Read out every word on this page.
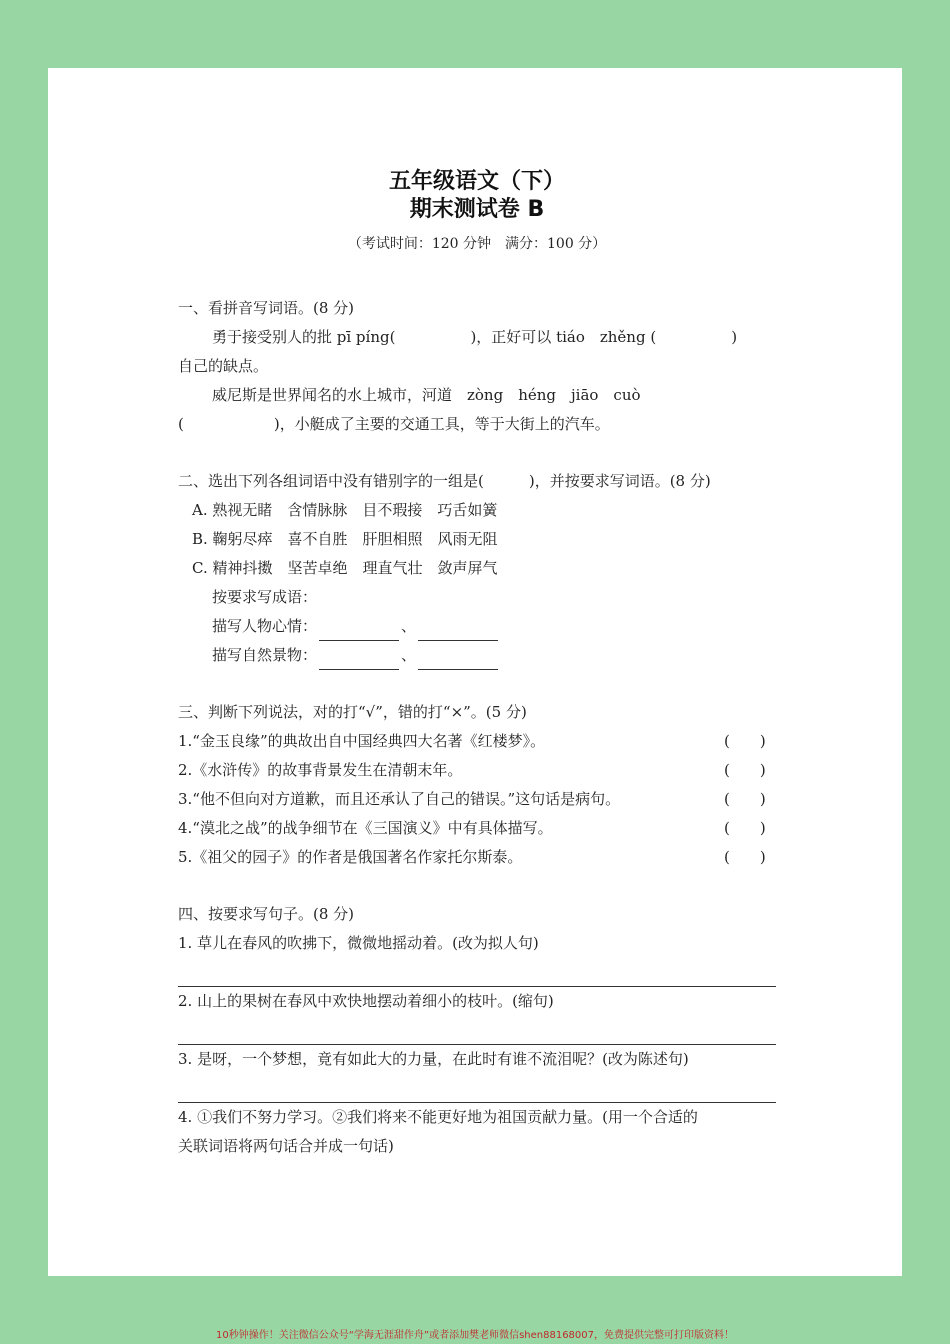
五年级语文（下）
期末测试卷 B
（考试时间：120 分钟　满分：100 分）
一、看拼音写词语。(8 分)
勇于接受别人的批 pī píng(　　　　　)，正好可以 tiáo　zhěng (　　　　　)
自己的缺点。
威尼斯是世界闻名的水上城市，河道　zòng　héng　jiāo　cuò
(　　　　　　)，小艇成了主要的交通工具，等于大街上的汽车。
二、选出下列各组词语中没有错别字的一组是(　　　)，并按要求写词语。(8 分)
A. 熟视无睹　含情脉脉　目不瑕接　巧舌如簧
B. 鞠躬尽瘁　喜不自胜　肝胆相照　风雨无阻
C. 精神抖擞　坚苦卓绝　理直气壮　敛声屏气
按要求写成语：
描写人物心情：	、
描写自然景物：	、
三、判断下列说法，对的打“√”，错的打“×”。(5 分)
1.“金玉良缘”的典故出自中国经典四大名著《红楼梦》。	(　　 )
2.《水浒传》的故事背景发生在清朝末年。	(　　 )
3.“他不但向对方道歉，而且还承认了自己的错误。”这句话是病句。	(　　 )
4.“漠北之战”的战争细节在《三国演义》中有具体描写。	(　　 )
5.《祖父的园子》的作者是俄国著名作家托尔斯泰。	(　　 )
四、按要求写句子。(8 分)
1. 草儿在春风的吹拂下，微微地摇动着。(改为拟人句)
2. 山上的果树在春风中欢快地摆动着细小的枝叶。(缩句)
3. 是呀，一个梦想，竟有如此大的力量，在此时有谁不流泪呢？(改为陈述句)
4. ①我们不努力学习。②我们将来不能更好地为祖国贡献力量。(用一个合适的
关联词语将两句话合并成一句话)
10秒钟操作！关注微信公众号“学海无涯甜作舟”或者添加樊老师微信shen88168007，免费提供完整可打印版资料！
